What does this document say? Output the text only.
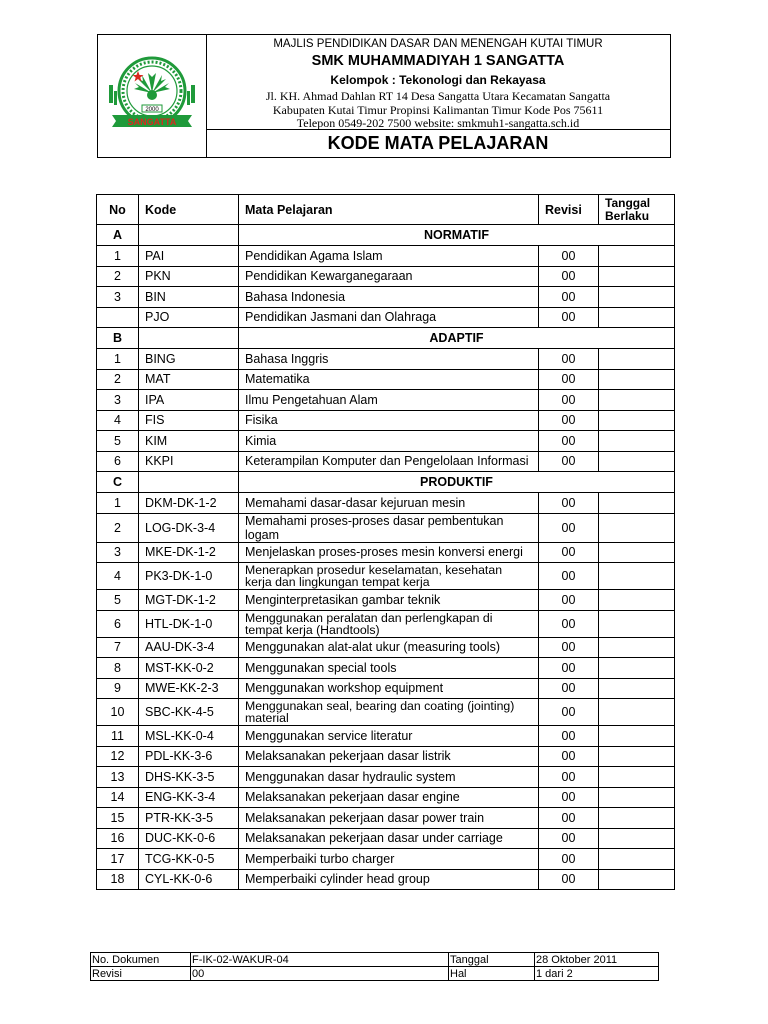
2000
SANGATTA
MAJLIS PENDIDIKAN DASAR DAN MENENGAH KUTAI TIMUR
SMK MUHAMMADIYAH 1 SANGATTA
Kelompok : Tekonologi dan Rekayasa
Jl. KH. Ahmad Dahlan RT 14 Desa Sangatta Utara Kecamatan Sangatta
Kabupaten Kutai Timur Propinsi Kalimantan Timur Kode Pos 75611
Telepon 0549-202 7500 website: smkmuh1-sangatta.sch.id
KODE MATA PELAJARAN
No	Kode	Mata Pelajaran	Revisi	Tanggal Berlaku
A		NORMATIF		
1	PAI	Pendidikan Agama Islam	00	
2	PKN	Pendidikan Kewarganegaraan	00	
3	BIN	Bahasa Indonesia	00	
	PJO	Pendidikan Jasmani dan Olahraga	00	
B		ADAPTIF		
1	BING	Bahasa Inggris	00	
2	MAT	Matematika	00	
3	IPA	Ilmu Pengetahuan Alam	00	
4	FIS	Fisika	00	
5	KIM	Kimia	00	
6	KKPI	Keterampilan Komputer dan Pengelolaan Informasi	00	
C		PRODUKTIF		
1	DKM-DK-1-2	Memahami dasar-dasar kejuruan mesin	00	
2	LOG-DK-3-4	Memahami proses-proses dasar pembentukan logam	00	
3	MKE-DK-1-2	Menjelaskan proses-proses mesin konversi energi	00	
4	PK3-DK-1-0	Menerapkan prosedur keselamatan, kesehatan kerja dan lingkungan tempat kerja	00	
5	MGT-DK-1-2	Menginterpretasikan gambar teknik	00	
6	HTL-DK-1-0	Menggunakan peralatan dan perlengkapan di tempat kerja (Handtools)	00	
7	AAU-DK-3-4	Menggunakan alat-alat ukur (measuring tools)	00	
8	MST-KK-0-2	Menggunakan special tools	00	
9	MWE-KK-2-3	Menggunakan workshop equipment	00	
10	SBC-KK-4-5	Menggunakan seal, bearing dan coating (jointing) material	00	
11	MSL-KK-0-4	Menggunakan service literatur	00	
12	PDL-KK-3-6	Melaksanakan pekerjaan dasar listrik	00	
13	DHS-KK-3-5	Menggunakan dasar hydraulic system	00	
14	ENG-KK-3-4	Melaksanakan pekerjaan dasar engine	00	
15	PTR-KK-3-5	Melaksanakan pekerjaan dasar power train	00	
16	DUC-KK-0-6	Melaksanakan pekerjaan dasar under carriage	00	
17	TCG-KK-0-5	Memperbaiki turbo charger	00	
18	CYL-KK-0-6	Memperbaiki cylinder head group	00	
No. Dokumen	F-IK-02-WAKUR-04	Tanggal	28 Oktober 2011
Revisi	00	Hal	1 dari 2
